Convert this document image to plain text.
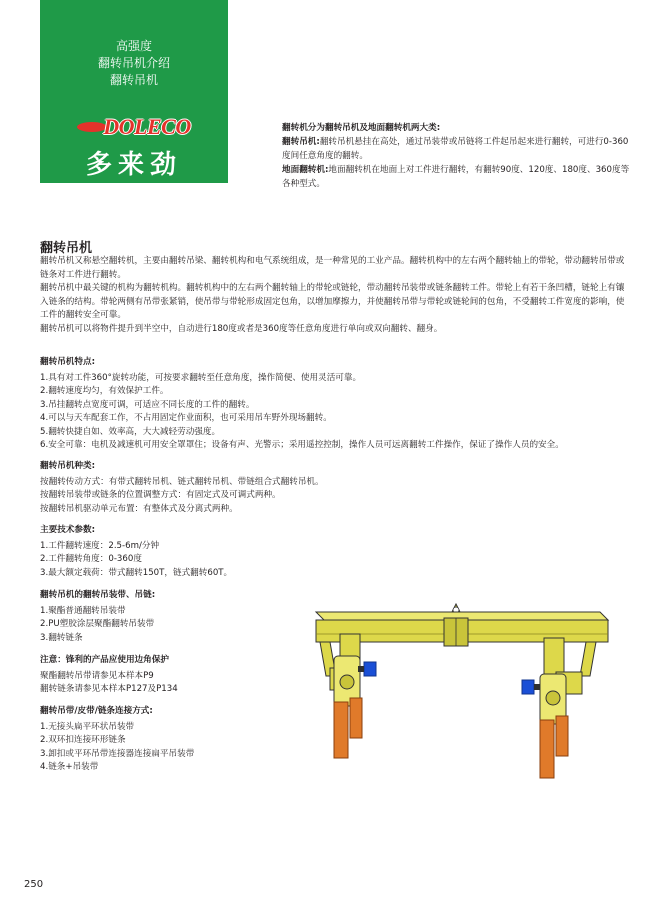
高强度
翻转吊机介绍
翻转吊机
DOLECO
多来劲
翻转机分为翻转吊机及地面翻转机两大类:
翻转吊机:翻转吊机悬挂在高处，通过吊装带或吊链将工件起吊起来进行翻转，可进行0-360度间任意角度的翻转。
地面翻转机:地面翻转机在地面上对工件进行翻转，有翻转90度、120度、180度、360度等各种型式。
翻转吊机

翻转吊机又称悬空翻转机，主要由翻转吊梁、翻转机构和电气系统组成，是一种常见的工业产品。翻转机构中的左右两个翻转轴上的带轮，带动翻转吊带或链条对工件进行翻转。

翻转吊机中最关键的机构为翻转机构。翻转机构中的左右两个翻转轴上的带轮或链轮，带动翻转吊装带或链条翻转工件。带轮上有若干条凹槽，链轮上有镶入链条的结构。带轮两侧有吊带张紧销，使吊带与带轮形成固定包角，以增加摩擦力，并使翻转吊带与带轮或链轮间的包角，不受翻转工件宽度的影响，使工件的翻转安全可靠。

翻转吊机可以将物件提升到半空中，自动进行180度或者是360度等任意角度进行单向或双向翻转、翻身。

翻转吊机特点:
1.具有对工件360°旋转功能，可按要求翻转至任意角度，操作简便、使用灵活可靠。
2.翻转速度均匀，有效保护工件。
3.吊挂翻转点宽度可调，可适应不同长度的工件的翻转。
4.可以与天车配套工作，不占用固定作业面积，也可采用吊车野外现场翻转。
5.翻转快捷自如、效率高，大大减轻劳动强度。
6.安全可靠：电机及减速机可用安全罩罩住；设备有声、光警示；采用遥控控制，操作人员可远离翻转工件操作，保证了操作人员的安全。
翻转吊机种类:
按翻转传动方式：有带式翻转吊机、链式翻转吊机、带链组合式翻转吊机。
按翻转吊装带或链条的位置调整方式：有固定式及可调式两种。
按翻转吊机驱动单元布置：有整体式及分离式两种。
主要技术参数:
1.工件翻转速度：2.5-6m/分钟
2.工件翻转角度：0-360度
3.最大额定载荷：带式翻转150T，链式翻转60T。
翻转吊机的翻转吊装带、吊链:
1.聚酯普通翻转吊装带
2.PU塑胶涂层聚酯翻转吊装带
3.翻转链条
注意：锋利的产品应使用边角保护
聚酯翻转吊带请参见本样本P9
翻转链条请参见本样本P127及P134
翻转吊带/皮带/链条连接方式:
1.无接头扁平环状吊装带
2.双环扣连接环形链条
3.卸扣或平环吊带连接器连接扁平吊装带
4.链条+吊装带
250
